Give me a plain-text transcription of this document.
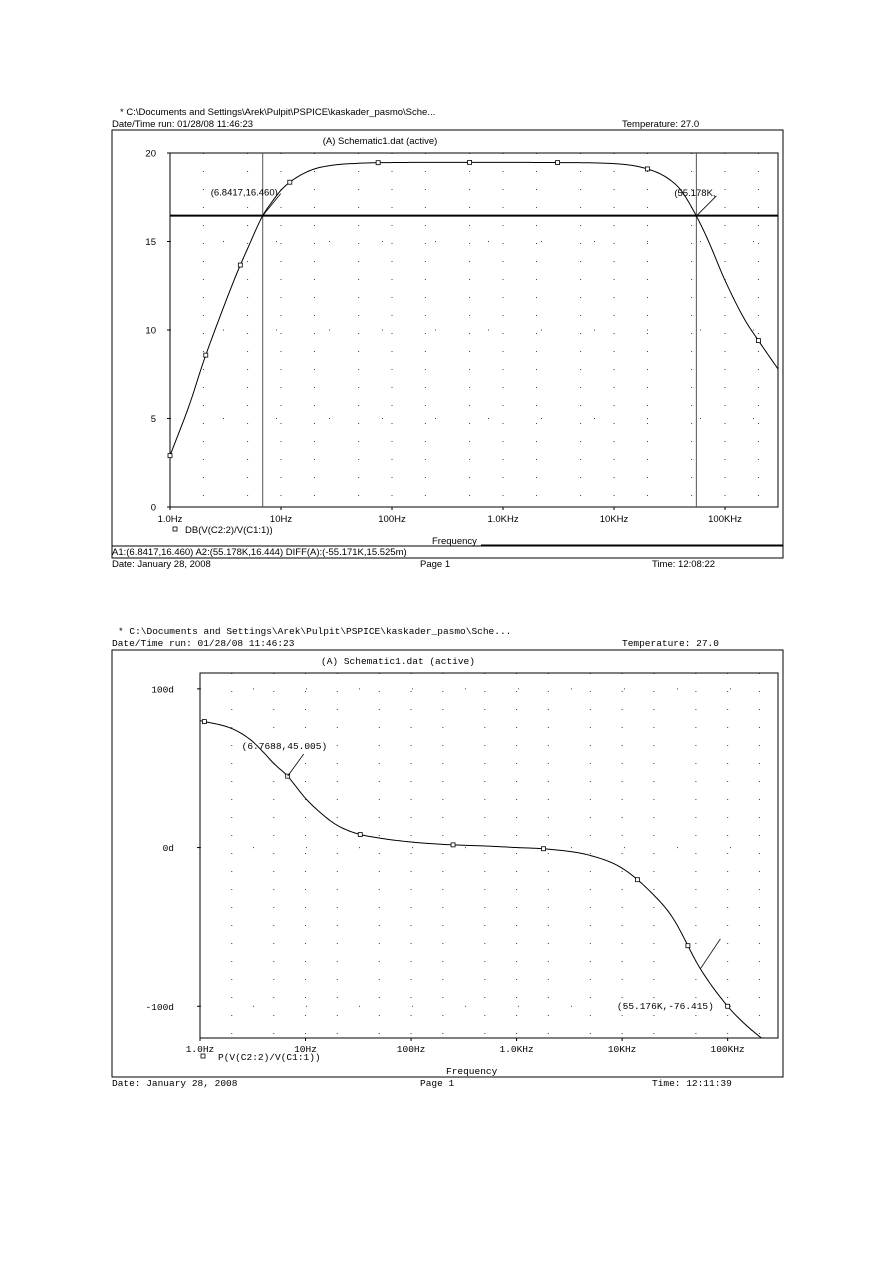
* C:\Documents and Settings\Arek\Pulpit\PSPICE\kaskader_pasmo\Sche...
Date/Time run: 01/28/08 11:46:23	Temperature: 27.0
A1:(6.8417,16.460) A2:(55.178K,16.444) DIFF(A):(-55.171K,15.525m)
Date: January 28, 2008	Page 1	Time: 12:08:22
(A) Schematic1.dat (active)
1.0Hz	10Hz	100Hz	1.0KHz	10KHz	100KHz
0
5
10
15
20
(6.8417,16.460)	(55.178K,
Frequency
DB(V(C2:2)/V(C1:1))
* C:\Documents and Settings\Arek\Pulpit\PSPICE\kaskader_pasmo\Sche...
Date/Time run: 01/28/08 11:46:23	Temperature: 27.0
Date: January 28, 2008	Page 1	Time: 12:11:39
(A) Schematic1.dat (active)
1.0Hz	10Hz	100Hz	1.0KHz	10KHz	100KHz
100d
0d
-100d
(6.7688,45.005)
(55.176K,-76.415)
Frequency
P(V(C2:2)/V(C1:1))
